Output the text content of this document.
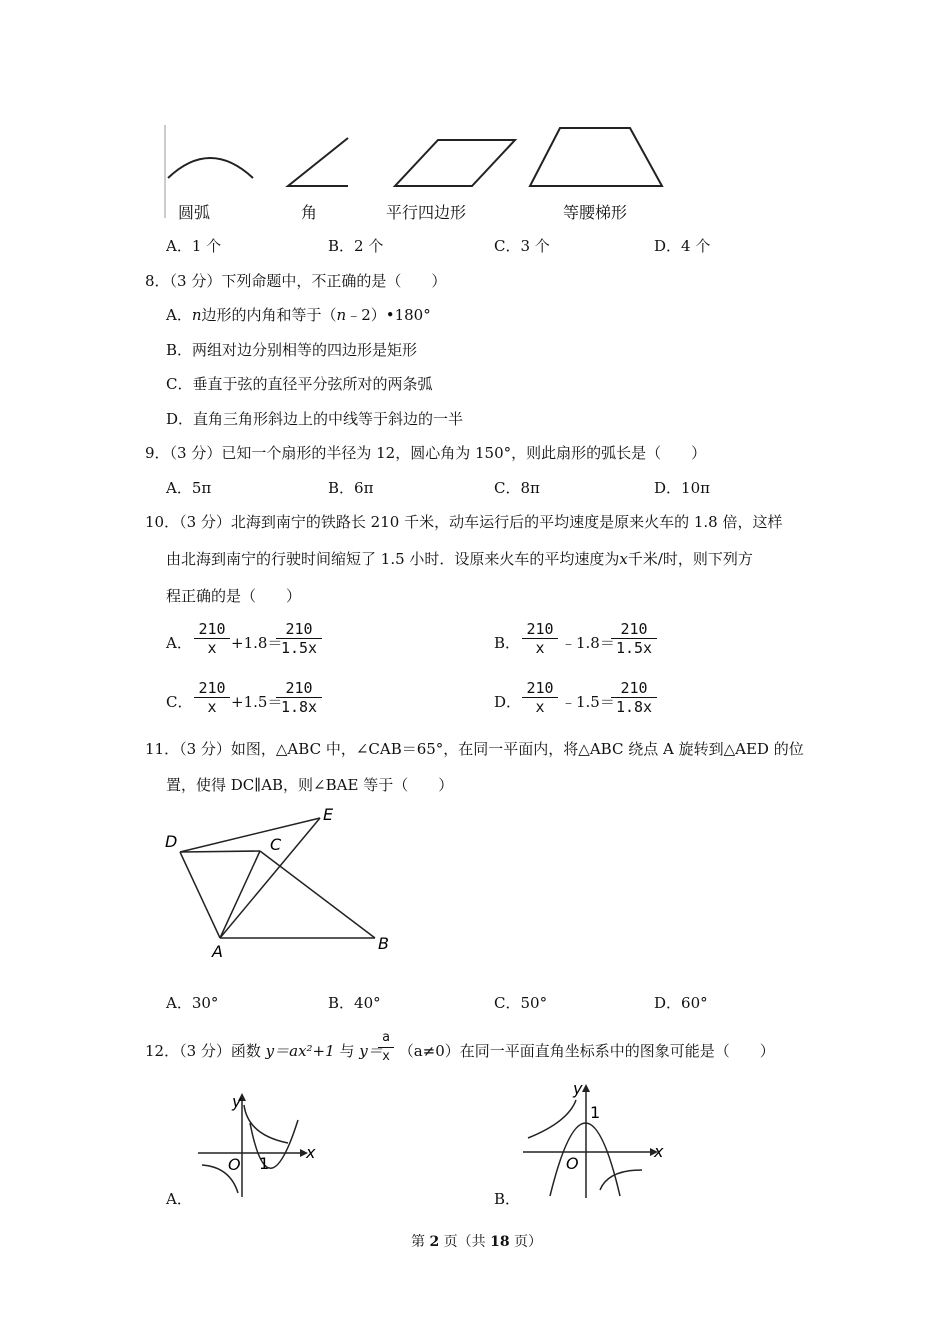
圆弧	角	平行四边形	等腰梯形
A．1 个	B．2 个	C．3 个	D．4 个
8．（3 分）下列命题中，不正确的是（　　）
A．n边形的内角和等于（n﹣2）•180°
B．两组对边分别相等的四边形是矩形
C．垂直于弦的直径平分弦所对的两条弧
D．直角三角形斜边上的中线等于斜边的一半
9．（3 分）已知一个扇形的半径为 12，圆心角为 150°，则此扇形的弧长是（　　）
A．5π	B．6π	C．8π	D．10π
10．（3 分）北海到南宁的铁路长 210 千米，动车运行后的平均速度是原来火车的 1.8 倍，这样
由北海到南宁的行驶时间缩短了 1.5 小时．设原来火车的平均速度为x千米/时，则下列方
程正确的是（　　）
A． $\frac{210}{x} +1.8=$
$\frac{210}{1.5x}$	B． $\frac{210}{x}$ ﹣1.8＝
$\frac{210}{1.5x}$
C． $\frac{210}{x} +1.5=$
$\frac{210}{1.8x}$	D． $\frac{210}{x}$ ﹣1.5＝
$\frac{210}{1.8x}$
11．（3 分）如图，△ABC 中，∠CAB＝65°，在同一平面内，将△ABC 绕点 A 旋转到△AED 的位
置，使得 DC∥AB，则∠BAE 等于（　　）
D	C
E
A	B
A．30°	B．40°	C．50°	D．60°
12．（3 分）函数 y＝ax²+1 与 y＝ （a≠0）在同一平面直角坐标系中的图象可能是（　　）
$\frac{a}{x}$
y
x
O 1
A．
y
x
O
1
B．
第 2 页（共 18 页）
